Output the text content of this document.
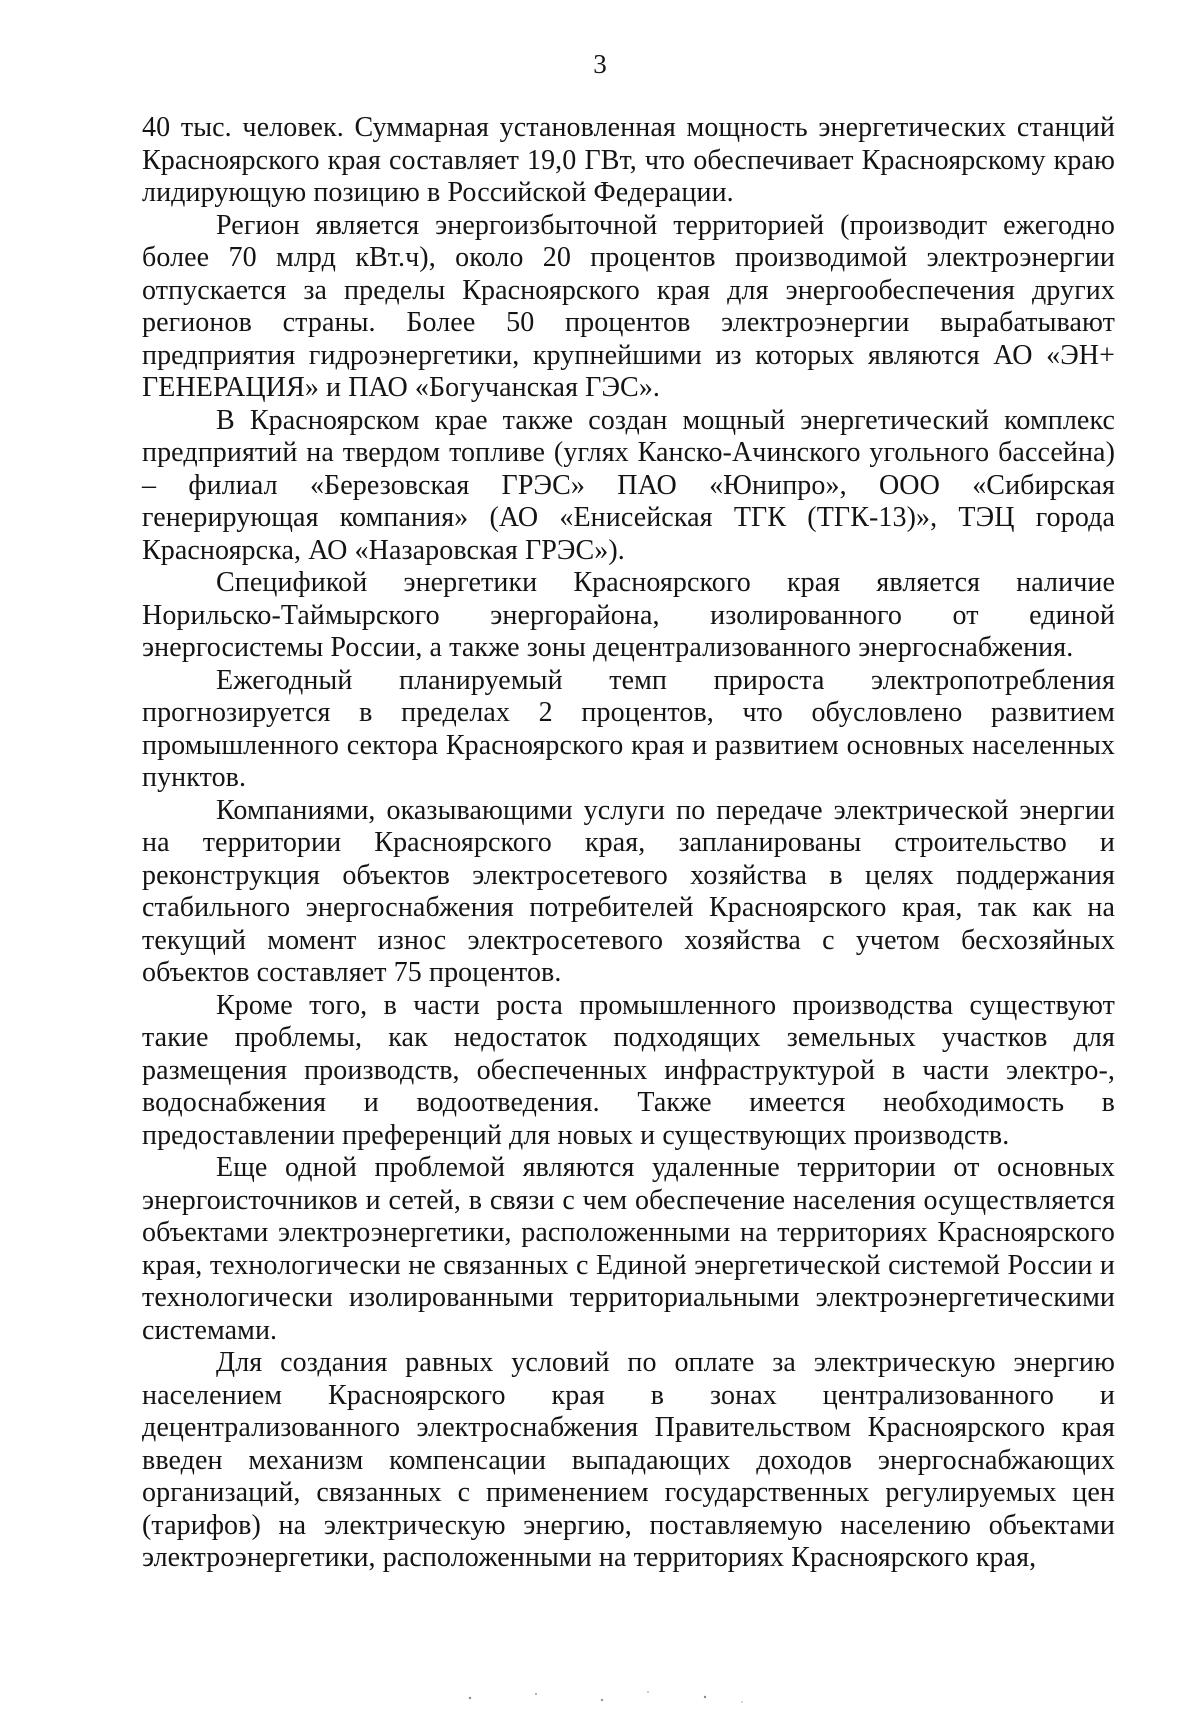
3

40 тыс. человек. Суммарная установленная мощность энергетических станций Красноярского края составляет 19,0 ГВт, что обеспечивает Красноярскому краю лидирующую позицию в Российской Федерации.

Регион является энергоизбыточной территорией (производит ежегодно более 70 млрд кВт.ч), около 20 процентов производимой электроэнергии отпускается за пределы Красноярского края для энергообеспечения других регионов страны. Более 50 процентов электроэнергии вырабатывают предприятия гидроэнергетики, крупнейшими из которых являются АО «ЭН+ ГЕНЕРАЦИЯ» и ПАО «Богучанская ГЭС».

В Красноярском крае также создан мощный энергетический комплекс предприятий на твердом топливе (углях Канско-Ачинского угольного бассейна) – филиал «Березовская ГРЭС» ПАО «Юнипро», ООО «Сибирская генерирующая компания» (АО «Енисейская ТГК (ТГК-13)», ТЭЦ города Красноярска, АО «Назаровская ГРЭС»).

Спецификой энергетики Красноярского края является наличие Норильско-Таймырского энергорайона, изолированного от единой энергосистемы России, а также зоны децентрализованного энергоснабжения.

Ежегодный планируемый темп прироста электропотребления прогнозируется в пределах 2 процентов, что обусловлено развитием промышленного сектора Красноярского края и развитием основных населенных пунктов.

Компаниями, оказывающими услуги по передаче электрической энергии на территории Красноярского края, запланированы строительство и реконструкция объектов электросетевого хозяйства в целях поддержания стабильного энергоснабжения потребителей Красноярского края, так как на текущий момент износ электросетевого хозяйства с учетом бесхозяйных объектов составляет 75 процентов.

Кроме того, в части роста промышленного производства существуют такие проблемы, как недостаток подходящих земельных участков для размещения производств, обеспеченных инфраструктурой в части электро-, водоснабжения и водоотведения. Также имеется необходимость в предоставлении преференций для новых и существующих производств.

Еще одной проблемой являются удаленные территории от основных энергоисточников и сетей, в связи с чем обеспечение населения осуществляется объектами электроэнергетики, расположенными на территориях Красноярского края, технологически не связанных с Единой энергетической системой России и технологически изолированными территориальными электроэнергетическими системами.

Для создания равных условий по оплате за электрическую энергию населением Красноярского края в зонах централизованного и децентрализованного электроснабжения Правительством Красноярского края введен механизм компенсации выпадающих доходов энергоснабжающих организаций, связанных с применением государственных регулируемых цен (тарифов) на электрическую энергию, поставляемую населению объектами электроэнергетики, расположенными на территориях Красноярского края,
